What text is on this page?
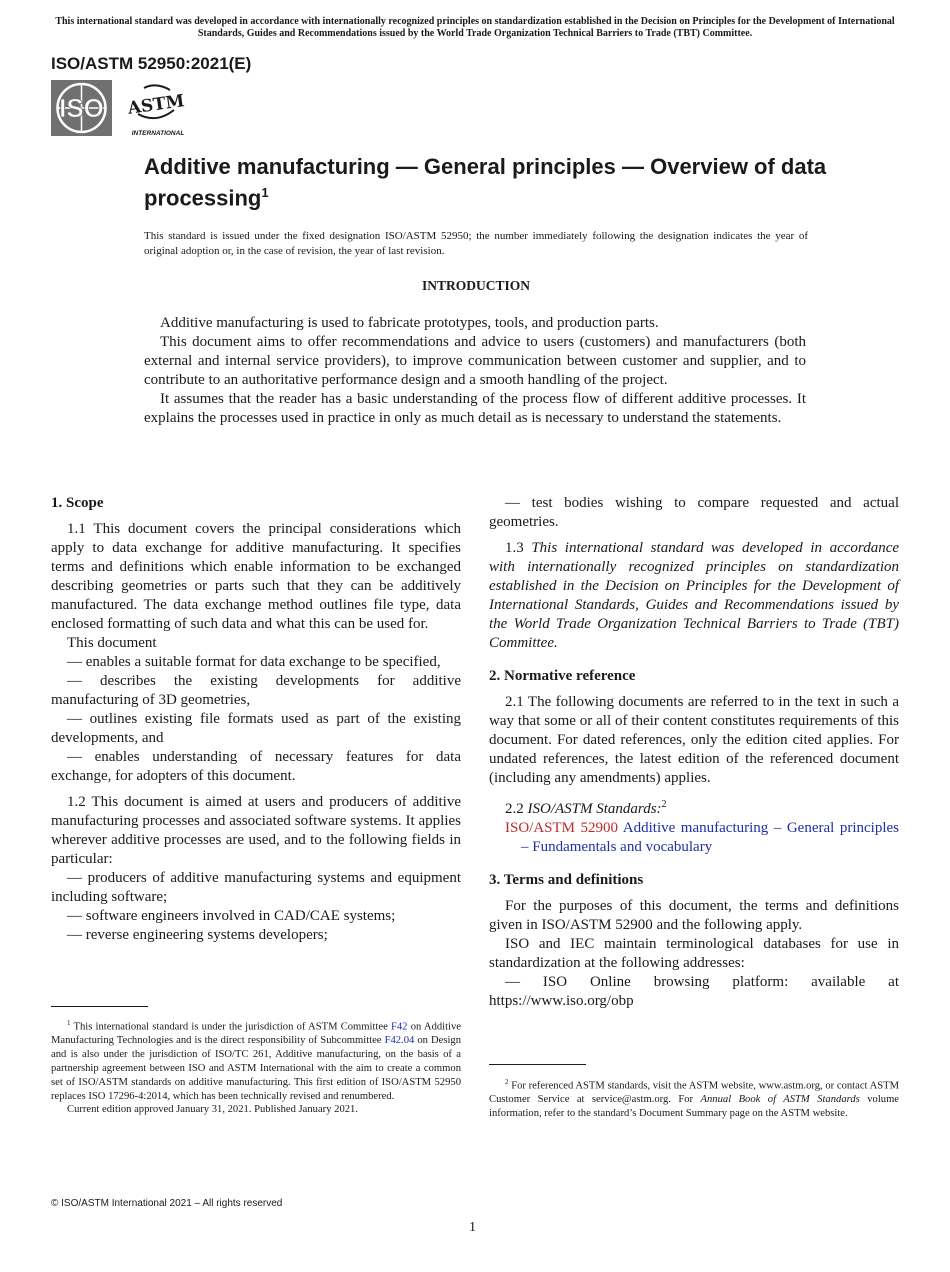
This international standard was developed in accordance with internationally recognized principles on standardization established in the Decision on Principles for the Development of International Standards, Guides and Recommendations issued by the World Trade Organization Technical Barriers to Trade (TBT) Committee.
ISO/ASTM 52950:2021(E)
ISO ASTM
INTERNATIONAL
Additive manufacturing — General principles — Overview of data processing$^1$
This standard is issued under the fixed designation ISO/ASTM 52950; the number immediately following the designation indicates the year of original adoption or, in the case of revision, the year of last revision.
INTRODUCTION

Additive manufacturing is used to fabricate prototypes, tools, and production parts.

This document aims to offer recommendations and advice to users (customers) and manufacturers (both external and internal service providers), to improve communication between customer and supplier, and to contribute to an authoritative performance design and a smooth handling of the project.

It assumes that the reader has a basic understanding of the process flow of different additive processes. It explains the processes used in practice in only as much detail as is necessary to understand the statements.

1. Scope

1.1 This document covers the principal considerations which apply to data exchange for additive manufacturing. It specifies terms and definitions which enable information to be exchanged describing geometries or parts such that they can be additively manufactured. The data exchange method outlines file type, data enclosed formatting of such data and what this can be used for.

This document

— enables a suitable format for data exchange to be specified,

— describes the existing developments for additive manufacturing of 3D geometries,

— outlines existing file formats used as part of the existing developments, and

— enables understanding of necessary features for data exchange, for adopters of this document.

1.2 This document is aimed at users and producers of additive manufacturing processes and associated software systems. It applies wherever additive processes are used, and to the following fields in particular:

— producers of additive manufacturing systems and equipment including software;

— software engineers involved in CAD/CAE systems;

— reverse engineering systems developers;

— test bodies wishing to compare requested and actual geometries.

1.3 This international standard was developed in accordance with internationally recognized principles on standardization established in the Decision on Principles for the Development of International Standards, Guides and Recommendations issued by the World Trade Organization Technical Barriers to Trade (TBT) Committee.

2. Normative reference

2.1 The following documents are referred to in the text in such a way that some or all of their content constitutes requirements of this document. For dated references, only the edition cited applies. For undated references, the latest edition of the referenced document (including any amendments) applies.

2.2 ISO/ASTM Standards:$^2$

ISO/ASTM 52900 Additive manufacturing – General principles – Fundamentals and vocabulary

3. Terms and definitions

For the purposes of this document, the terms and definitions given in ISO/ASTM 52900 and the following apply.

ISO and IEC maintain terminological databases for use in standardization at the following addresses:

— ISO Online browsing platform: available at https://www.iso.org/obp

$^1$ This international standard is under the jurisdiction of ASTM Committee F42 on Additive Manufacturing Technologies and is the direct responsibility of Subcommittee F42.04 on Design and is also under the jurisdiction of ISO/TC 261, Additive manufacturing, on the basis of a partnership agreement between ISO and ASTM International with the aim to create a common set of ISO/ASTM standards on additive manufacturing. This first edition of ISO/ASTM 52950 replaces ISO 17296-4:2014, which has been technically revised and renumbered.

Current edition approved January 31, 2021. Published January 2021.

$^2$ For referenced ASTM standards, visit the ASTM website, www.astm.org, or contact ASTM Customer Service at service@astm.org. For Annual Book of ASTM Standards volume information, refer to the standard’s Document Summary page on the ASTM website.

© ISO/ASTM International 2021 – All rights reserved
1
